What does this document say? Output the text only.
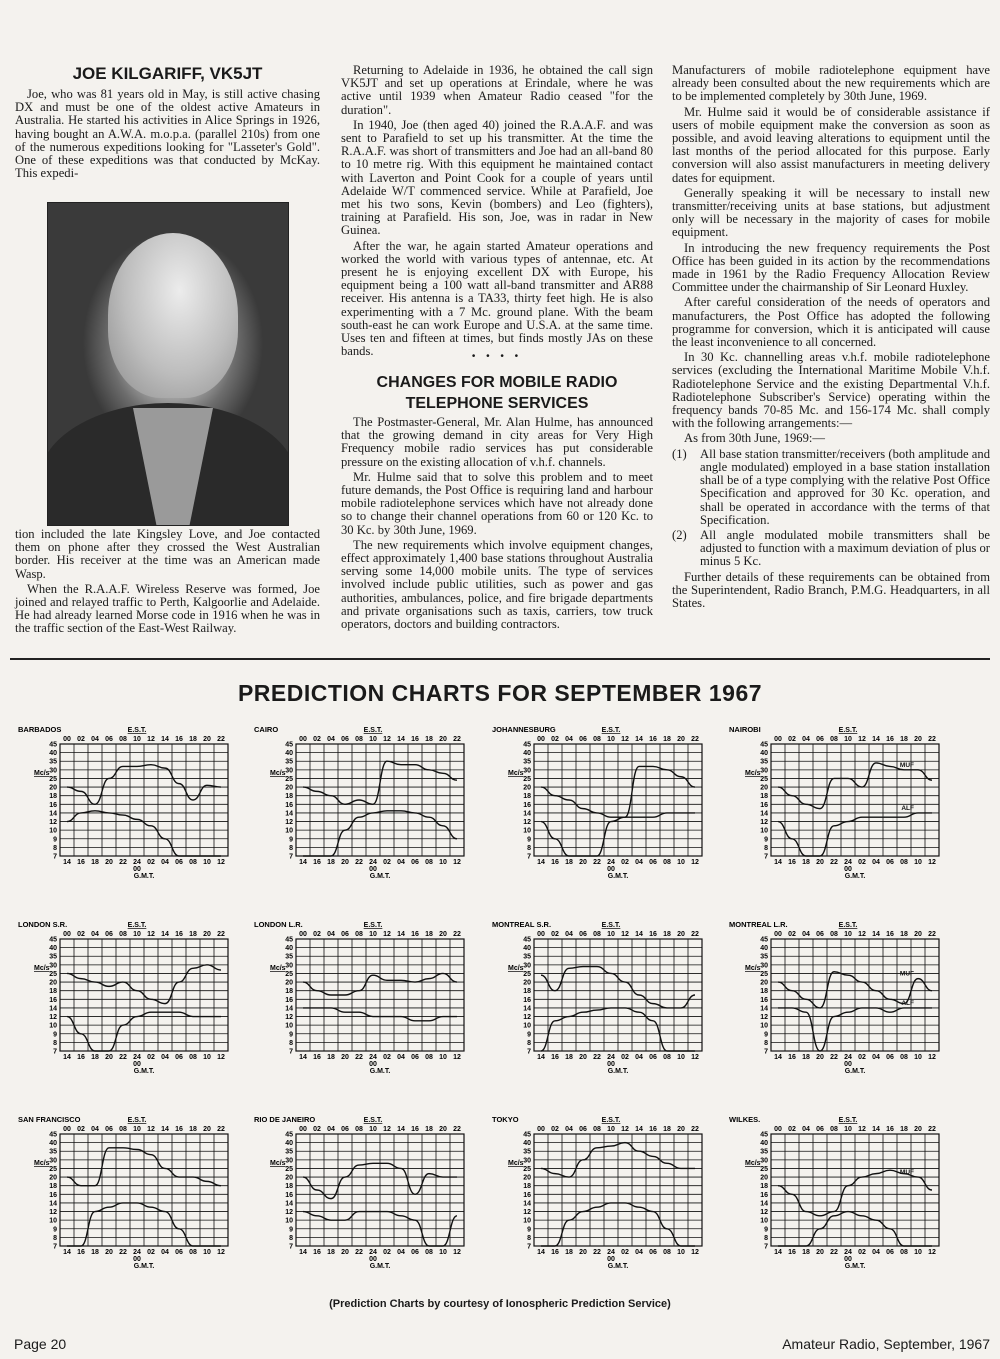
JOE KILGARIFF, VK5JT

Joe, who was 81 years old in May, is still active chasing DX and must be one of the oldest active Amateurs in Australia. He started his activities in Alice Springs in 1926, having bought an A.W.A. m.o.p.a. (parallel 210s) from one of the numerous expeditions looking for "Lasseter's Gold". One of these expeditions was that conducted by McKay. This expedi-

tion included the late Kingsley Love, and Joe contacted them on phone after they crossed the West Australian border. His receiver at the time was an American made Wasp.

When the R.A.A.F. Wireless Reserve was formed, Joe joined and relayed traffic to Perth, Kalgoorlie and Adelaide. He had already learned Morse code in 1916 when he was in the traffic section of the East-West Railway.

Returning to Adelaide in 1936, he obtained the call sign VK5JT and set up operations at Erindale, where he was active until 1939 when Amateur Radio ceased "for the duration".

In 1940, Joe (then aged 40) joined the R.A.A.F. and was sent to Parafield to set up his transmitter. At the time the R.A.A.F. was short of transmitters and Joe had an all-band 80 to 10 metre rig. With this equipment he maintained contact with Laverton and Point Cook for a couple of years until Adelaide W/T commenced service. While at Parafield, Joe met his two sons, Kevin (bombers) and Leo (fighters), training at Parafield. His son, Joe, was in radar in New Guinea.

After the war, he again started Amateur operations and worked the world with various types of antennae, etc. At present he is enjoying excellent DX with Europe, his equipment being a 100 watt all-band transmitter and AR88 receiver. His antenna is a TA33, thirty feet high. He is also experimenting with a 7 Mc. ground plane. With the beam south-east he can work Europe and U.S.A. at the same time. Uses ten and fifteen at times, but finds mostly JAs on these bands.	• • • •
CHANGES FOR MOBILE RADIO
TELEPHONE SERVICES

The Postmaster-General, Mr. Alan Hulme, has announced that the growing demand in city areas for Very High Frequency mobile radio services has put considerable pressure on the existing allocation of v.h.f. channels.

Mr. Hulme said that to solve this problem and to meet future demands, the Post Office is requiring land and harbour mobile radiotelephone services which have not already done so to change their channel operations from 60 or 120 Kc. to 30 Kc. by 30th June, 1969.

The new requirements which involve equipment changes, effect approximately 1,400 base stations throughout Australia serving some 14,000 mobile units. The type of services involved include public utilities, such as power and gas authorities, ambulances, police, and fire brigade departments and private organisations such as taxis, carriers, tow truck operators, doctors and building contractors.

Manufacturers of mobile radiotelephone equipment have already been consulted about the new requirements which are to be implemented completely by 30th June, 1969.

Mr. Hulme said it would be of considerable assistance if users of mobile equipment make the conversion as soon as possible, and avoid leaving alterations to equipment until the last months of the period allocated for this purpose. Early conversion will also assist manufacturers in meeting delivery dates for equipment.

Generally speaking it will be necessary to install new transmitter/receiving units at base stations, but adjustment only will be necessary in the majority of cases for mobile equipment.

In introducing the new frequency requirements the Post Office has been guided in its action by the recommendations made in 1961 by the Radio Frequency Allocation Review Committee under the chairmanship of Sir Leonard Huxley.

After careful consideration of the needs of operators and manufacturers, the Post Office has adopted the following programme for conversion, which it is anticipated will cause the least inconvenience to all concerned.

In 30 Kc. channelling areas v.h.f. mobile radiotelephone services (excluding the International Maritime Mobile V.h.f. Radiotelephone Service and the existing Departmental V.h.f. Radiotelephone Subscriber's Service) operating within the frequency bands 70-85 Mc. and 156-174 Mc. shall comply with the following arrangements:—

As from 30th June, 1969:—

(1)	All base station transmitter/receivers (both amplitude and angle modulated) employed in a base station installation shall be of a type complying with the relative Post Office Specification and approved for 30 Kc. operation, and shall be operated in accordance with the terms of that Specification.
(2)	All angle modulated mobile transmitters shall be adjusted to function with a maximum deviation of plus or minus 5 Kc.

Further details of these requirements can be obtained from the Superintendent, Radio Branch, P.M.G. Headquarters, in all States.

PREDICTION CHARTS FOR SEPTEMBER 1967
BARBADOS	E.S.T.
00 02 04 06 08 10 12 14 16 18 20 22
45
40
35
30
25
20
18
16
14
12
10
9
8
7
Mc/s
14 16 18 20 22 24
00
02 04 06 08 10 12
G.M.T.
CAIRO	E.S.T.
00 02 04 06 08 10 12 14 16 18 20 22
45
40
35
30
25
20
18
16
14
12
10
9
8
7
Mc/s
14 16 18 20 22 24
00
02 04 06 08 10 12
G.M.T.
JOHANNESBURG	E.S.T.
00 02 04 06 08 10 12 14 16 18 20 22
45
40
35
30
25
20
18
16
14
12
10
9
8
7
Mc/s
14 16 18 20 22 24
00
02 04 06 08 10 12
G.M.T.
NAIROBI	E.S.T.
00 02 04 06 08 10 12 14 16 18 20 22
45
40
35
30
25
20
18
16
14
12
10
9
8
7
Mc/s
14 16 18 20 22 24
00
02 04 06 08 10 12
G.M.T.
MUF
ALF
LONDON S.R.	E.S.T.
00 02 04 06 08 10 12 14 16 18 20 22
45
40
35
30
25
20
18
16
14
12
10
9
8
7
Mc/s
14 16 18 20 22 24
00
02 04 06 08 10 12
G.M.T.
LONDON L.R.	E.S.T.
00 02 04 06 08 10 12 14 16 18 20 22
45
40
35
30
25
20
18
16
14
12
10
9
8
7
Mc/s
14 16 18 20 22 24
00
02 04 06 08 10 12
G.M.T.
MONTREAL S.R.	E.S.T.
00 02 04 06 08 10 12 14 16 18 20 22
45
40
35
30
25
20
18
16
14
12
10
9
8
7
Mc/s
14 16 18 20 22 24
00
02 04 06 08 10 12
G.M.T.
MONTREAL L.R.	E.S.T.
00 02 04 06 08 10 12 14 16 18 20 22
45
40
35
30
25
20
18
16
14
12
10
9
8
7
Mc/s
14 16 18 20 22 24
00
02 04 06 08 10 12
G.M.T.
MUF
ALF
SAN FRANCISCO	E.S.T.
00 02 04 06 08 10 12 14 16 18 20 22
45
40
35
30
25
20
18
16
14
12
10
9
8
7
Mc/s
14 16 18 20 22 24
00
02 04 06 08 10 12
G.M.T.
RIO DE JANEIRO	E.S.T.
00 02 04 06 08 10 12 14 16 18 20 22
45
40
35
30
25
20
18
16
14
12
10
9
8
7
Mc/s
14 16 18 20 22 24
00
02 04 06 08 10 12
G.M.T.
TOKYO	E.S.T.
00 02 04 06 08 10 12 14 16 18 20 22
45
40
35
30
25
20
18
16
14
12
10
9
8
7
Mc/s
14 16 18 20 22 24
00
02 04 06 08 10 12
G.M.T.
WILKES.	E.S.T.
00 02 04 06 08 10 12 14 16 18 20 22
45
40
35
30
25
20
18
16
14
12
10
9
8
7
Mc/s
14 16 18 20 22 24
00
02 04 06 08 10 12
G.M.T.
MUF
(Prediction Charts by courtesy of Ionospheric Prediction Service)
Page 20	Amateur Radio, September, 1967
